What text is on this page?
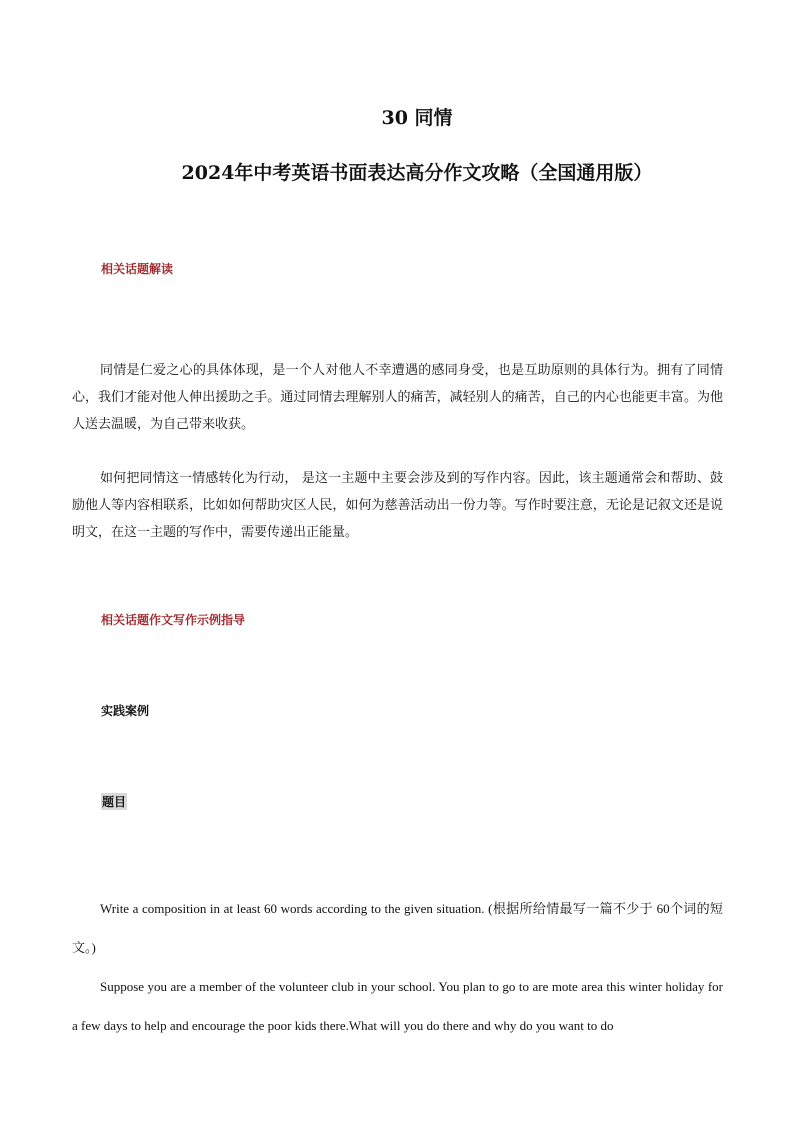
30 同情
2024年中考英语书面表达高分作文攻略（全国通用版）
相关话题解读

同情是仁爱之心的具体体现，是一个人对他人不幸遭遇的感同身受，也是互助原则的具体行为。拥有了同情心，我们才能对他人伸出援助之手。通过同情去理解别人的痛苦，减轻别人的痛苦，自己的内心也能更丰富。为他人送去温暖，为自己带来收获。

如何把同情这一情感转化为行动， 是这一主题中主要会涉及到的写作内容。因此，该主题通常会和帮助、鼓励他人等内容相联系，比如如何帮助灾区人民，如何为慈善活动出一份力等。写作时要注意，无论是记叙文还是说明文，在这一主题的写作中，需要传递出正能量。

相关话题作文写作示例指导
实践案例
题目

Write a composition in at least 60 words according to the given situation. (根据所给情最写一篇不少于 60个词的短文。)

Suppose you are a member of the volunteer club in your school. You plan to go to are mote area this winter holiday for a few days to help and encourage the poor kids there.What will you do there and why do you want to do
